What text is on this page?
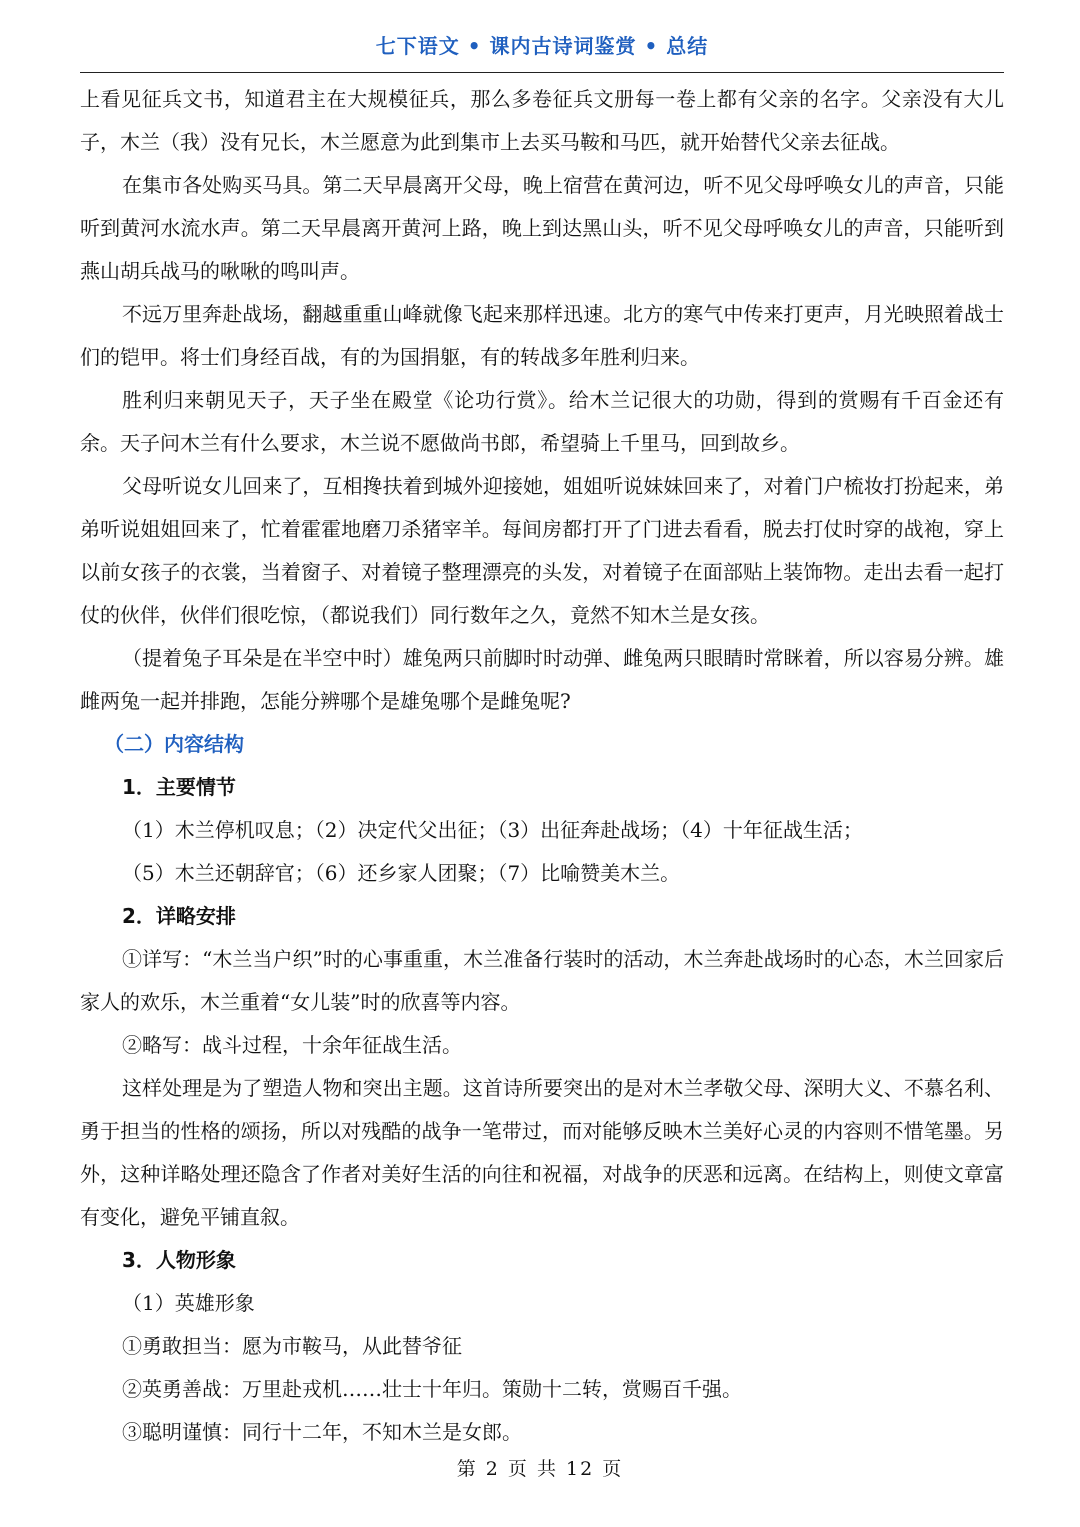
七下语文 • 课内古诗词鉴赏 • 总结

上看见征兵文书，知道君主在大规模征兵，那么多卷征兵文册每一卷上都有父亲的名字。父亲没有大儿子，木兰（我）没有兄长，木兰愿意为此到集市上去买马鞍和马匹，就开始替代父亲去征战。

在集市各处购买马具。第二天早晨离开父母，晚上宿营在黄河边，听不见父母呼唤女儿的声音，只能听到黄河水流水声。第二天早晨离开黄河上路，晚上到达黑山头，听不见父母呼唤女儿的声音，只能听到燕山胡兵战马的啾啾的鸣叫声。

不远万里奔赴战场，翻越重重山峰就像飞起来那样迅速。北方的寒气中传来打更声，月光映照着战士们的铠甲。将士们身经百战，有的为国捐躯，有的转战多年胜利归来。

胜利归来朝见天子，天子坐在殿堂《论功行赏》。给木兰记很大的功勋，得到的赏赐有千百金还有余。天子问木兰有什么要求，木兰说不愿做尚书郎，希望骑上千里马，回到故乡。

父母听说女儿回来了，互相搀扶着到城外迎接她，姐姐听说妹妹回来了，对着门户梳妆打扮起来，弟弟听说姐姐回来了，忙着霍霍地磨刀杀猪宰羊。每间房都打开了门进去看看，脱去打仗时穿的战袍，穿上以前女孩子的衣裳，当着窗子、对着镜子整理漂亮的头发，对着镜子在面部贴上装饰物。走出去看一起打仗的伙伴，伙伴们很吃惊，（都说我们）同行数年之久，竟然不知木兰是女孩。

（提着兔子耳朵是在半空中时）雄兔两只前脚时时动弹、雌兔两只眼睛时常眯着，所以容易分辨。雄雌两兔一起并排跑，怎能分辨哪个是雄兔哪个是雌兔呢?

（二）内容结构

1．主要情节

（1）木兰停机叹息；（2）决定代父出征；（3）出征奔赴战场；（4）十年征战生活；

（5）木兰还朝辞官；（6）还乡家人团聚；（7）比喻赞美木兰。

2．详略安排

①详写：“木兰当户织”时的心事重重，木兰准备行装时的活动，木兰奔赴战场时的心态，木兰回家后家人的欢乐，木兰重着“女儿装”时的欣喜等内容。

②略写：战斗过程，十余年征战生活。

这样处理是为了塑造人物和突出主题。这首诗所要突出的是对木兰孝敬父母、深明大义、不慕名利、勇于担当的性格的颂扬，所以对残酷的战争一笔带过，而对能够反映木兰美好心灵的内容则不惜笔墨。另外，这种详略处理还隐含了作者对美好生活的向往和祝福，对战争的厌恶和远离。在结构上，则使文章富有变化，避免平铺直叙。

3．人物形象

（1）英雄形象

①勇敢担当：愿为市鞍马，从此替爷征

②英勇善战：万里赴戎机……壮士十年归。策勋十二转，赏赐百千强。

③聪明谨慎：同行十二年，不知木兰是女郎。

第 2 页 共 12 页
